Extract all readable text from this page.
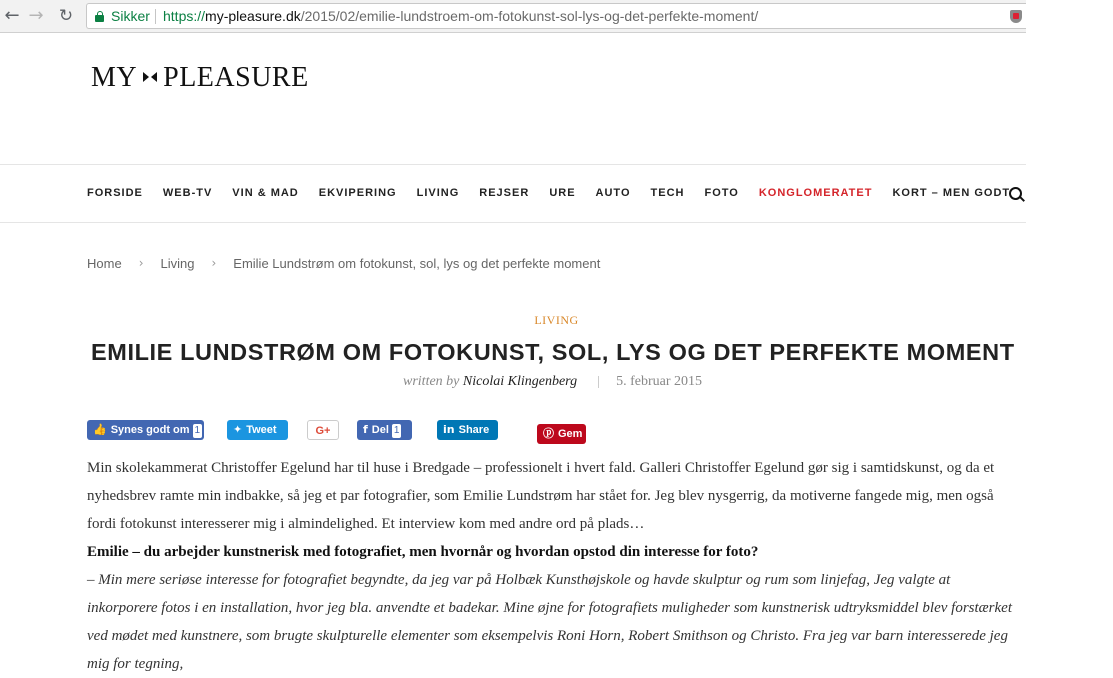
← → ↻	Sikker https://my-pleasure.dk/2015/02/emilie-lundstroem-om-fotokunst-sol-lys-og-det-perfekte-moment/
MY PLEASURE
FORSIDE WEB-TV VIN & MAD EKVIPERING LIVING REJSER URE AUTO TECH FOTO KONGLOMERATET KORT – MEN GODT
Home › Living › Emilie Lundstrøm om fotokunst, sol, lys og det perfekte moment
LIVING
EMILIE LUNDSTRØM OM FOTOKUNST, SOL, LYS OG DET PERFEKTE MOMENT
written by Nicolai Klingenberg	5. februar 2015
👍 Synes godt om 1	✦ Tweet	G+	f Del 1	in Share	ⓟ Gem

Min skolekammerat Christoffer Egelund har til huse i Bredgade – professionelt i hvert fald. Galleri Christoffer Egelund gør sig i samtidskunst, og da et nyhedsbrev ramte min indbakke, så jeg et par fotografier, som Emilie Lundstrøm har stået for. Jeg blev nysgerrig, da motiverne fangede mig, men også fordi fotokunst interesserer mig i almindelighed. Et interview kom med andre ord på plads…

Emilie – du arbejder kunstnerisk med fotografiet, men hvornår og hvordan opstod din interesse for foto?

– Min mere seriøse interesse for fotografiet begyndte, da jeg var på Holbæk Kunsthøjskole og havde skulptur og rum som linjefag, Jeg valgte at inkorporere fotos i en installation, hvor jeg bla. anvendte et badekar. Mine øjne for fotografiets muligheder som kunstnerisk udtryksmiddel blev forstærket ved mødet med kunstnere, som brugte skulpturelle elementer som eksempelvis Roni Horn, Robert Smithson og Christo. Fra jeg var barn interesserede jeg mig for tegning,
